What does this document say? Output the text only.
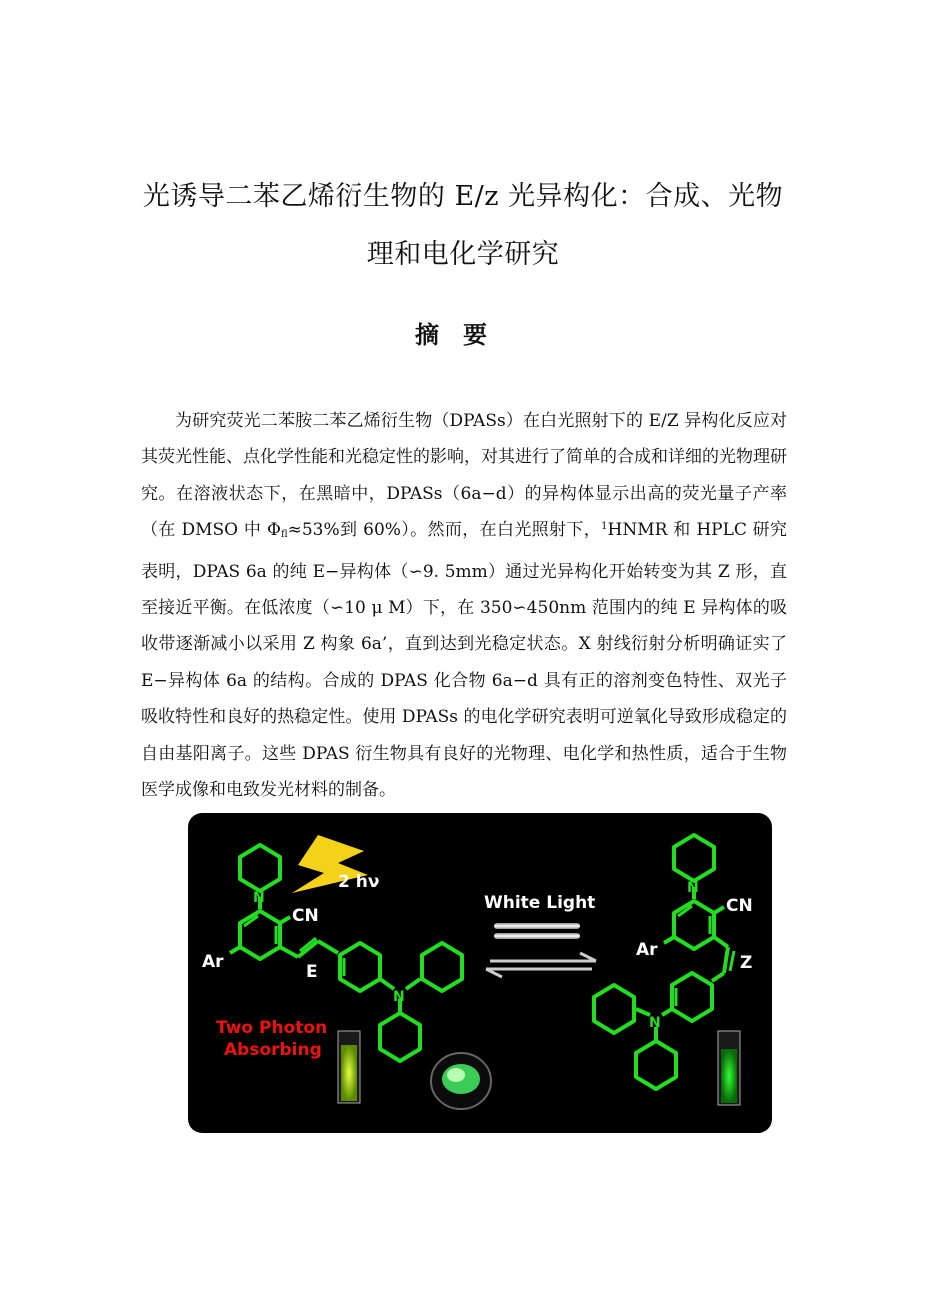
光诱导二苯乙烯衍生物的 E/z 光异构化：合成、光物
理和电化学研究
摘要

为研究荧光二苯胺二苯乙烯衍生物（DPASs）在白光照射下的 E/Z 异构化反应对其荧光性能、点化学性能和光稳定性的影响，对其进行了简单的合成和详细的光物理研究。在溶液状态下，在黑暗中，DPASs（6a−d）的异构体显示出高的荧光量子产率（在 DMSO 中 $\Phi_{fl}\approx 53\%$到 60%）。然而，在白光照射下，$^1$HNMR 和 HPLC 研究表明，DPAS 6a 的纯 E−异构体（∽9. 5mm）通过光异构化开始转变为其 Z 形，直至接近平衡。在低浓度（∽10 μ M）下，在 350∽450nm 范围内的纯 E 异构体的吸收带逐渐减小以采用 Z 构象 6a’，直到达到光稳定状态。X 射线衍射分析明确证实了 E−异构体 6a 的结构。合成的 DPAS 化合物 6a−d 具有正的溶剂变色特性、双光子吸收特性和良好的热稳定性。使用 DPASs 的电化学研究表明可逆氧化导致形成稳定的自由基阳离子。这些 DPAS 衍生物具有良好的光物理、电化学和热性质，适合于生物医学成像和电致发光材料的制备。

N
CN
Ar	E
N
2 hν
Two Photon
Absorbing
White Light
N
CN
Ar
Z
N
